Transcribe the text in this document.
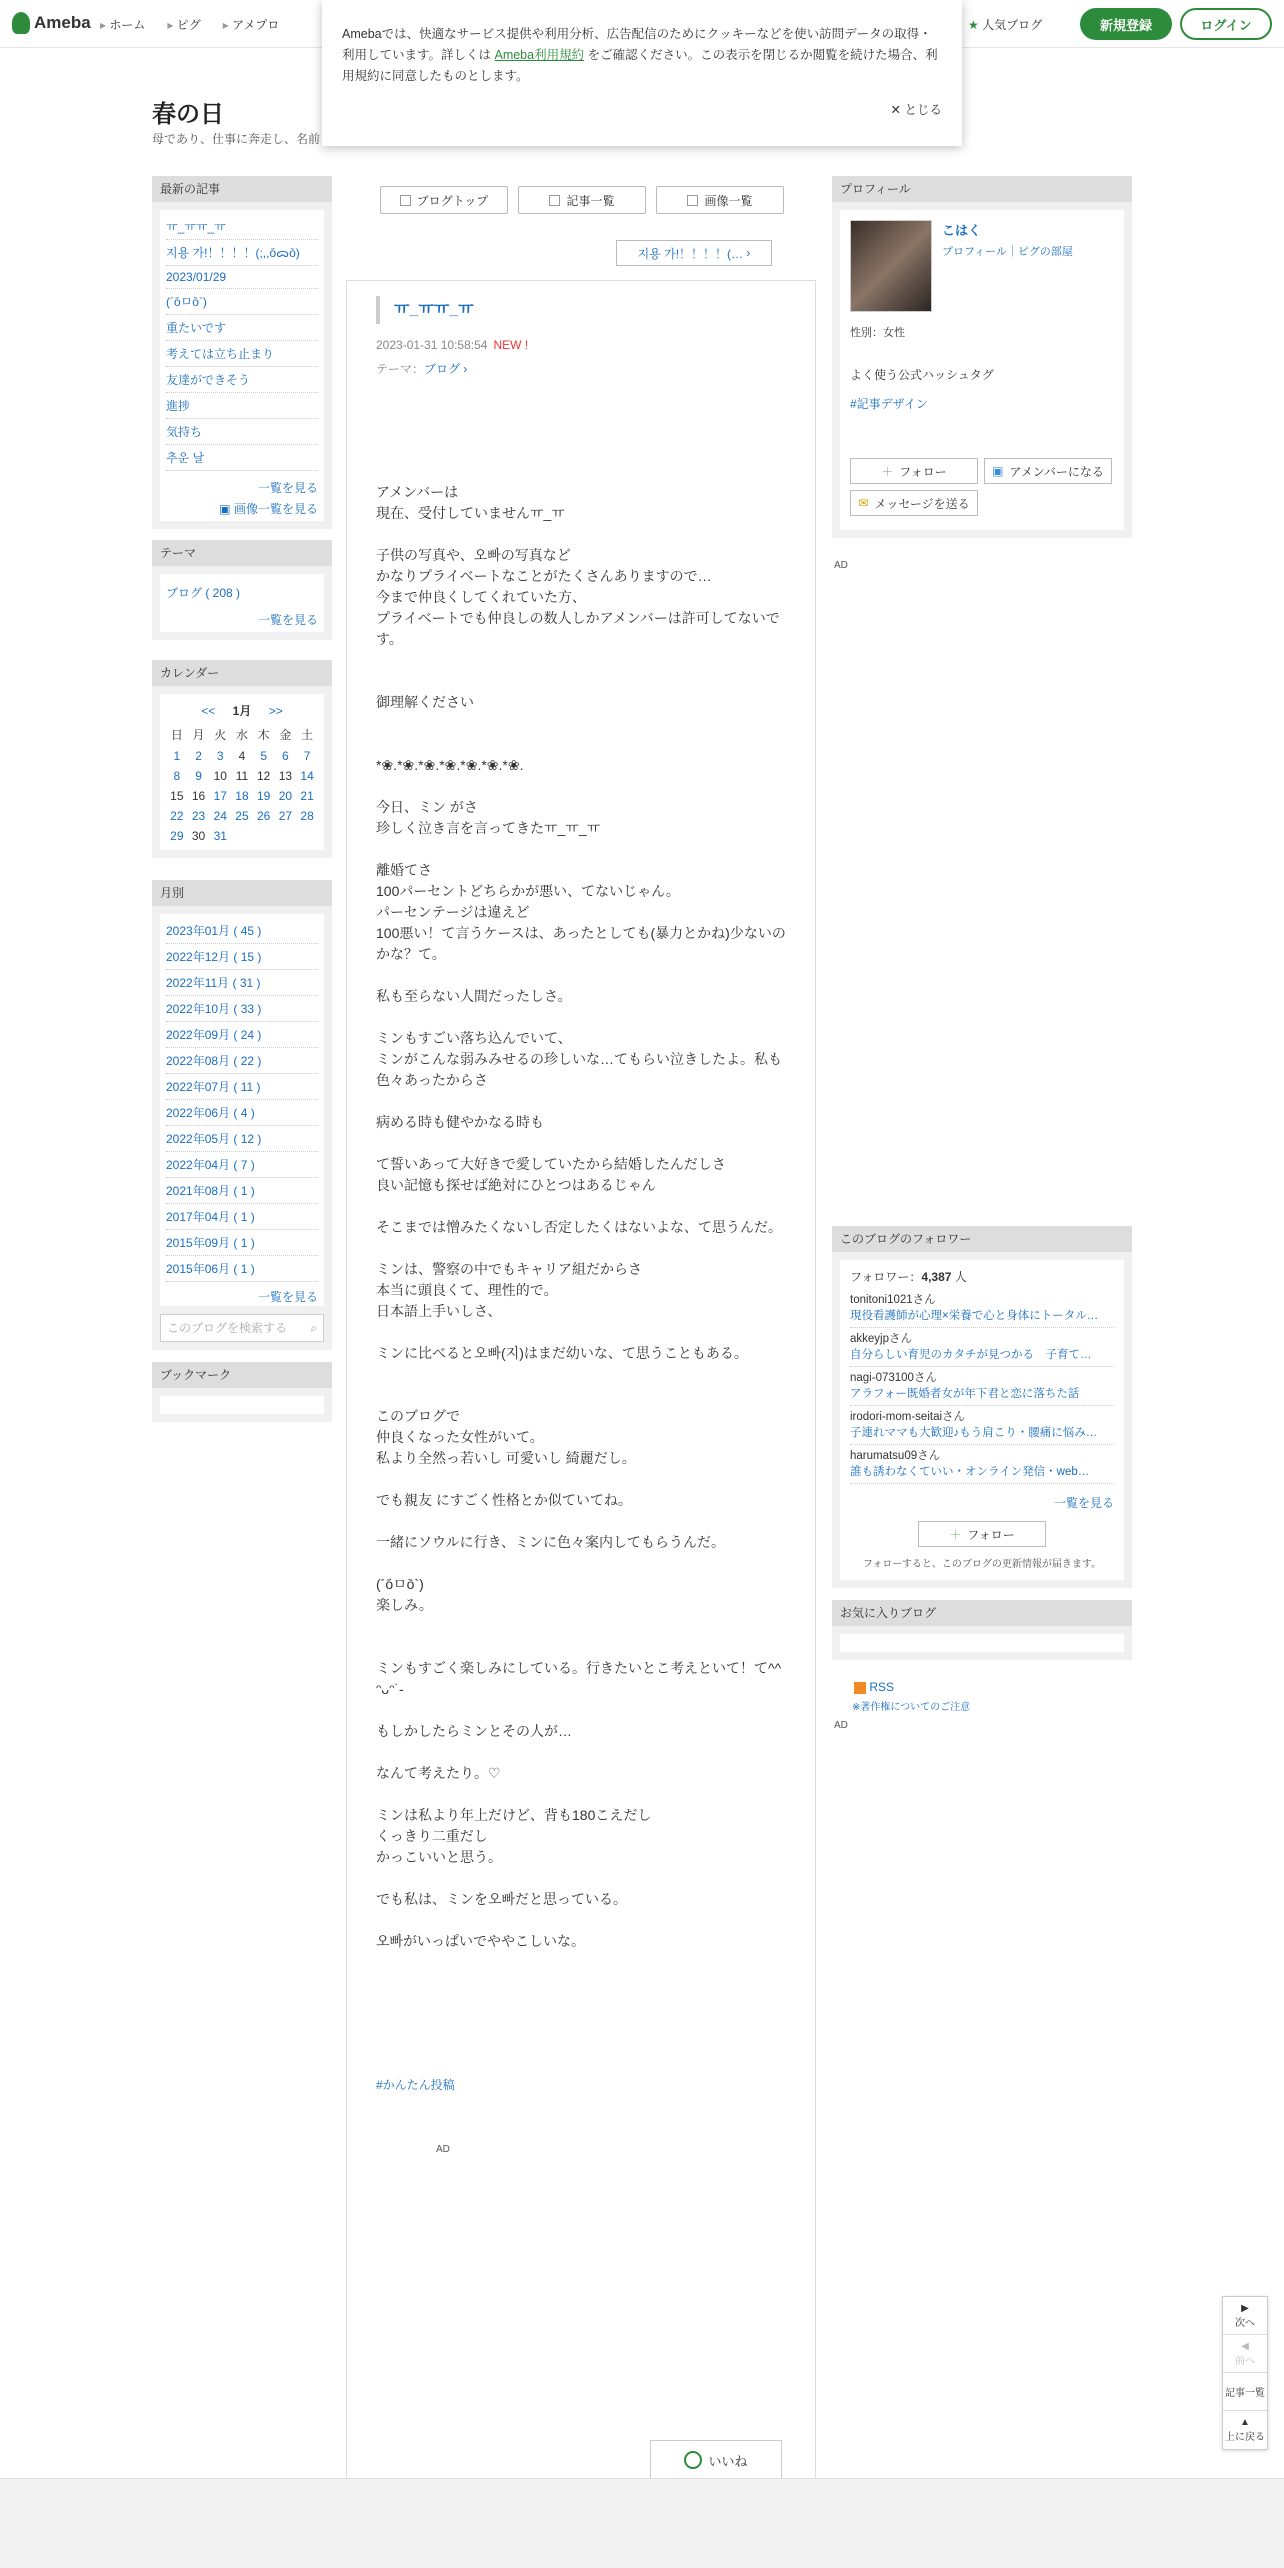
Ameba	▸ ホーム	▸ ピグ	▸ アメプロ	★ 人気ブログ	新規登録	ログイン
Amebaでは、快適なサービス提供や利用分析、広告配信のためにクッキーなどを使い訪問データの取得・利用しています。詳しくは Ameba利用規約 をご確認ください。この表示を閉じるか閲覧を続けた場合、利用規約に同意したものとします。
✕ とじる
春の日
母であり、仕事に奔走し、名前
最新の記事
ㅠ_ㅠㅠ_ㅠ
지용 가!！！！！(;,,o᷄ᯅo᷅)
2023/01/29
(´o᷄ㅁo᷅`)
重たいです
考えては立ち止まり
友達ができそう
進捗
気持ち
추운 날
一覧を見る
▣ 画像一覧を見る
テーマ
ブログ ( 208 )
一覧を見る
カレンダー
<< 1月 >>
日	月	火	水	木	金	土
1	2	3	4	5	6	7
8	9	10	11	12	13	14
15	16	17	18	19	20	21
22	23	24	25	26	27	28
29	30	31				
月別
2023年01月 ( 45 )
2022年12月 ( 15 )
2022年11月 ( 31 )
2022年10月 ( 33 )
2022年09月 ( 24 )
2022年08月 ( 22 )
2022年07月 ( 11 )
2022年06月 ( 4 )
2022年05月 ( 12 )
2022年04月 ( 7 )
2021年08月 ( 1 )
2017年04月 ( 1 )
2015年09月 ( 1 )
2015年06月 ( 1 )
一覧を見る
このブログを検索する ⌕
ブックマーク
ブログトップ	記事一覧	画像一覧
지용 가!！！！！(… ›
ㅠ_ㅠㅠ_ㅠ
2023-01-31 10:58:54 NEW !
テーマ：ブログ ›

アメンバーは

現在、受付していませんㅠ_ㅠ

子供の写真や、오빠の写真など

かなりプライベートなことがたくさんありますので…

今まで仲良くしてくれていた方、

プライベートでも仲良しの数人しかアメンバーは許可してないです。

御理解ください

*❀.*❀.*❀.*❀.*❀.*❀.*❀.

今日、ミン がさ

珍しく泣き言を言ってきたㅠ_ㅠ_ㅠ

離婚てさ

100パーセントどちらかが悪い、てないじゃん。

パーセンテージは違えど

100悪い！て言うケースは、あったとしても(暴力とかね)少ないのかな？て。

私も至らない人間だったしさ。

ミンもすごい落ち込んでいて、

ミンがこんな弱みみせるの珍しいな…てもらい泣きしたよ。私も色々あったからさ

病める時も健やかなる時も

て誓いあって大好きで愛していたから結婚したんだしさ

良い記憶も探せば絶対にひとつはあるじゃん

そこまでは憎みたくないし否定したくはないよな、て思うんだ。

ミンは、警察の中でもキャリア組だからさ

本当に頭良くて、理性的で。

日本語上手いしさ、

ミンに比べると오빠(지)はまだ幼いな、て思うこともある。

このブログで

仲良くなった女性がいて。

私より全然っ若いし 可愛いし 綺麗だし。

でも親友 にすごく性格とか似ていてね。

一緒にソウルに行き、ミンに色々案内してもらうんだ。

(´o᷄ㅁo᷅`)

楽しみ。

ミンもすごく楽しみにしている。行きたいとこ考えといて！て^^

ᵔᴗᵔ˙-

もしかしたらミンとその人が…

なんて考えたり。♡

ミンは私より年上だけど、背も180こえだし

くっきり二重だし

かっこいいと思う。

でも私は、ミンを오빠だと思っている。

오빠がいっぱいでややこしいな。

#かんたん投稿
AD
いいね
プロフィール
こはく
プロフィール｜ピグの部屋
性別：女性
よく使う公式ハッシュタグ
#記事デザイン
＋ フォロー	▣ アメンバーになる
✉ メッセージを送る
AD
このブログのフォロワー
フォロワー：4,387 人
tonitoni1021さん
現役看護師が心理×栄養で心と身体にトータル…
akkeyjpさん
自分らしい育児のカタチが見つかる　子育て…
nagi-073100さん
アラフォー既婚者女が年下君と恋に落ちた話
irodori-mom-seitaiさん
子連れママも大歓迎♪もう肩こり・腰痛に悩み…
harumatsu09さん
誰も誘わなくていい・オンライン発信・web…
一覧を見る
＋ フォロー
フォローすると、このブログの更新情報が届きます。
お気に入りブログ
RSS
※著作権についてのご注意
AD
▶
次へ
◀
前へ
記事一覧
▲
上に戻る
